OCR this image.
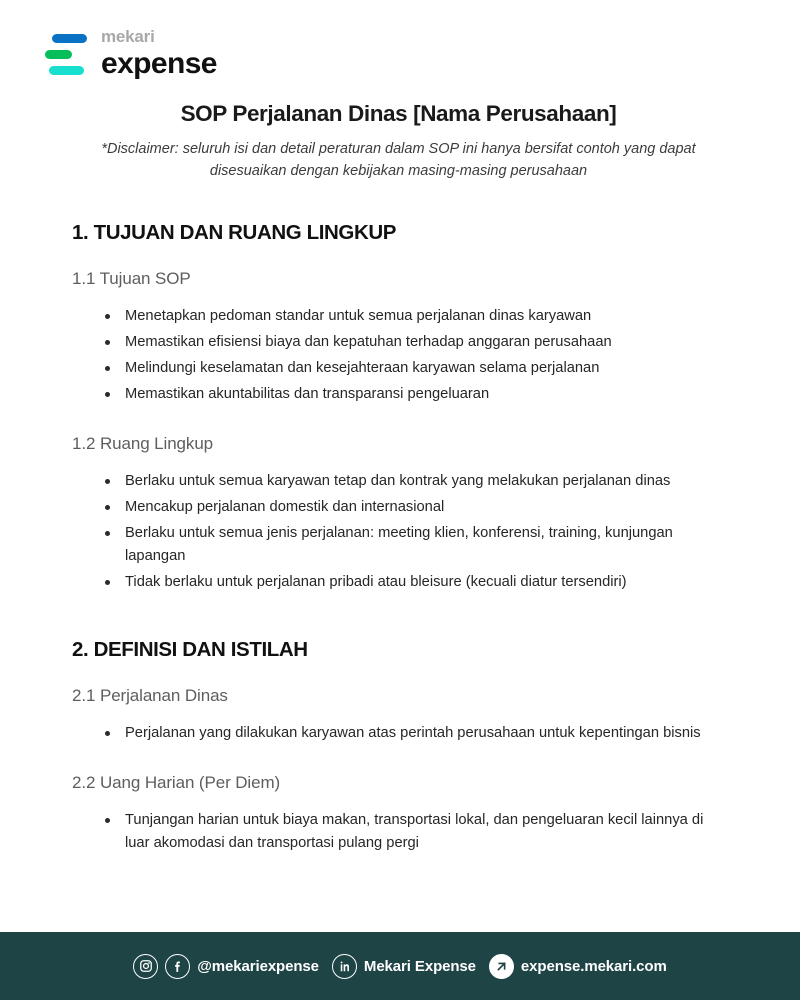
mekari
expense
SOP Perjalanan Dinas [Nama Perusahaan]

*Disclaimer: seluruh isi dan detail peraturan dalam SOP ini hanya bersifat contoh yang dapat disesuaikan dengan kebijakan masing-masing perusahaan

1. TUJUAN DAN RUANG LINGKUP
1.1 Tujuan SOP
Menetapkan pedoman standar untuk semua perjalanan dinas karyawan
Memastikan efisiensi biaya dan kepatuhan terhadap anggaran perusahaan
Melindungi keselamatan dan kesejahteraan karyawan selama perjalanan
Memastikan akuntabilitas dan transparansi pengeluaran
1.2 Ruang Lingkup
Berlaku untuk semua karyawan tetap dan kontrak yang melakukan perjalanan dinas
Mencakup perjalanan domestik dan internasional
Berlaku untuk semua jenis perjalanan: meeting klien, konferensi, training, kunjungan lapangan
Tidak berlaku untuk perjalanan pribadi atau bleisure (kecuali diatur tersendiri)
2. DEFINISI DAN ISTILAH
2.1 Perjalanan Dinas
Perjalanan yang dilakukan karyawan atas perintah perusahaan untuk kepentingan bisnis
2.2 Uang Harian (Per Diem)
Tunjangan harian untuk biaya makan, transportasi lokal, dan pengeluaran kecil lainnya di luar akomodasi dan transportasi pulang pergi
@mekariexpense	Mekari Expense	expense.mekari.com
